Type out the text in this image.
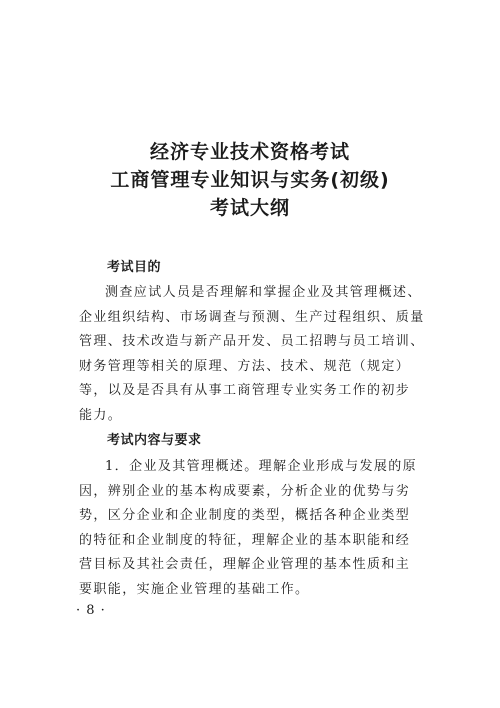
经济专业技术资格考试
工商管理专业知识与实务(初级)
考试大纲
考试目的
测查应试人员是否理解和掌握企业及其管理概述、
企业组织结构、市场调查与预测、生产过程组织、质量
管理、技术改造与新产品开发、员工招聘与员工培训、
财务管理等相关的原理、方法、技术、规范（规定）
等，以及是否具有从事工商管理专业实务工作的初步
能力。
考试内容与要求
1．企业及其管理概述。理解企业形成与发展的原
因，辨别企业的基本构成要素，分析企业的优势与劣
势，区分企业和企业制度的类型，概括各种企业类型
的特征和企业制度的特征，理解企业的基本职能和经
营目标及其社会责任，理解企业管理的基本性质和主
要职能，实施企业管理的基础工作。
· 8 ·
